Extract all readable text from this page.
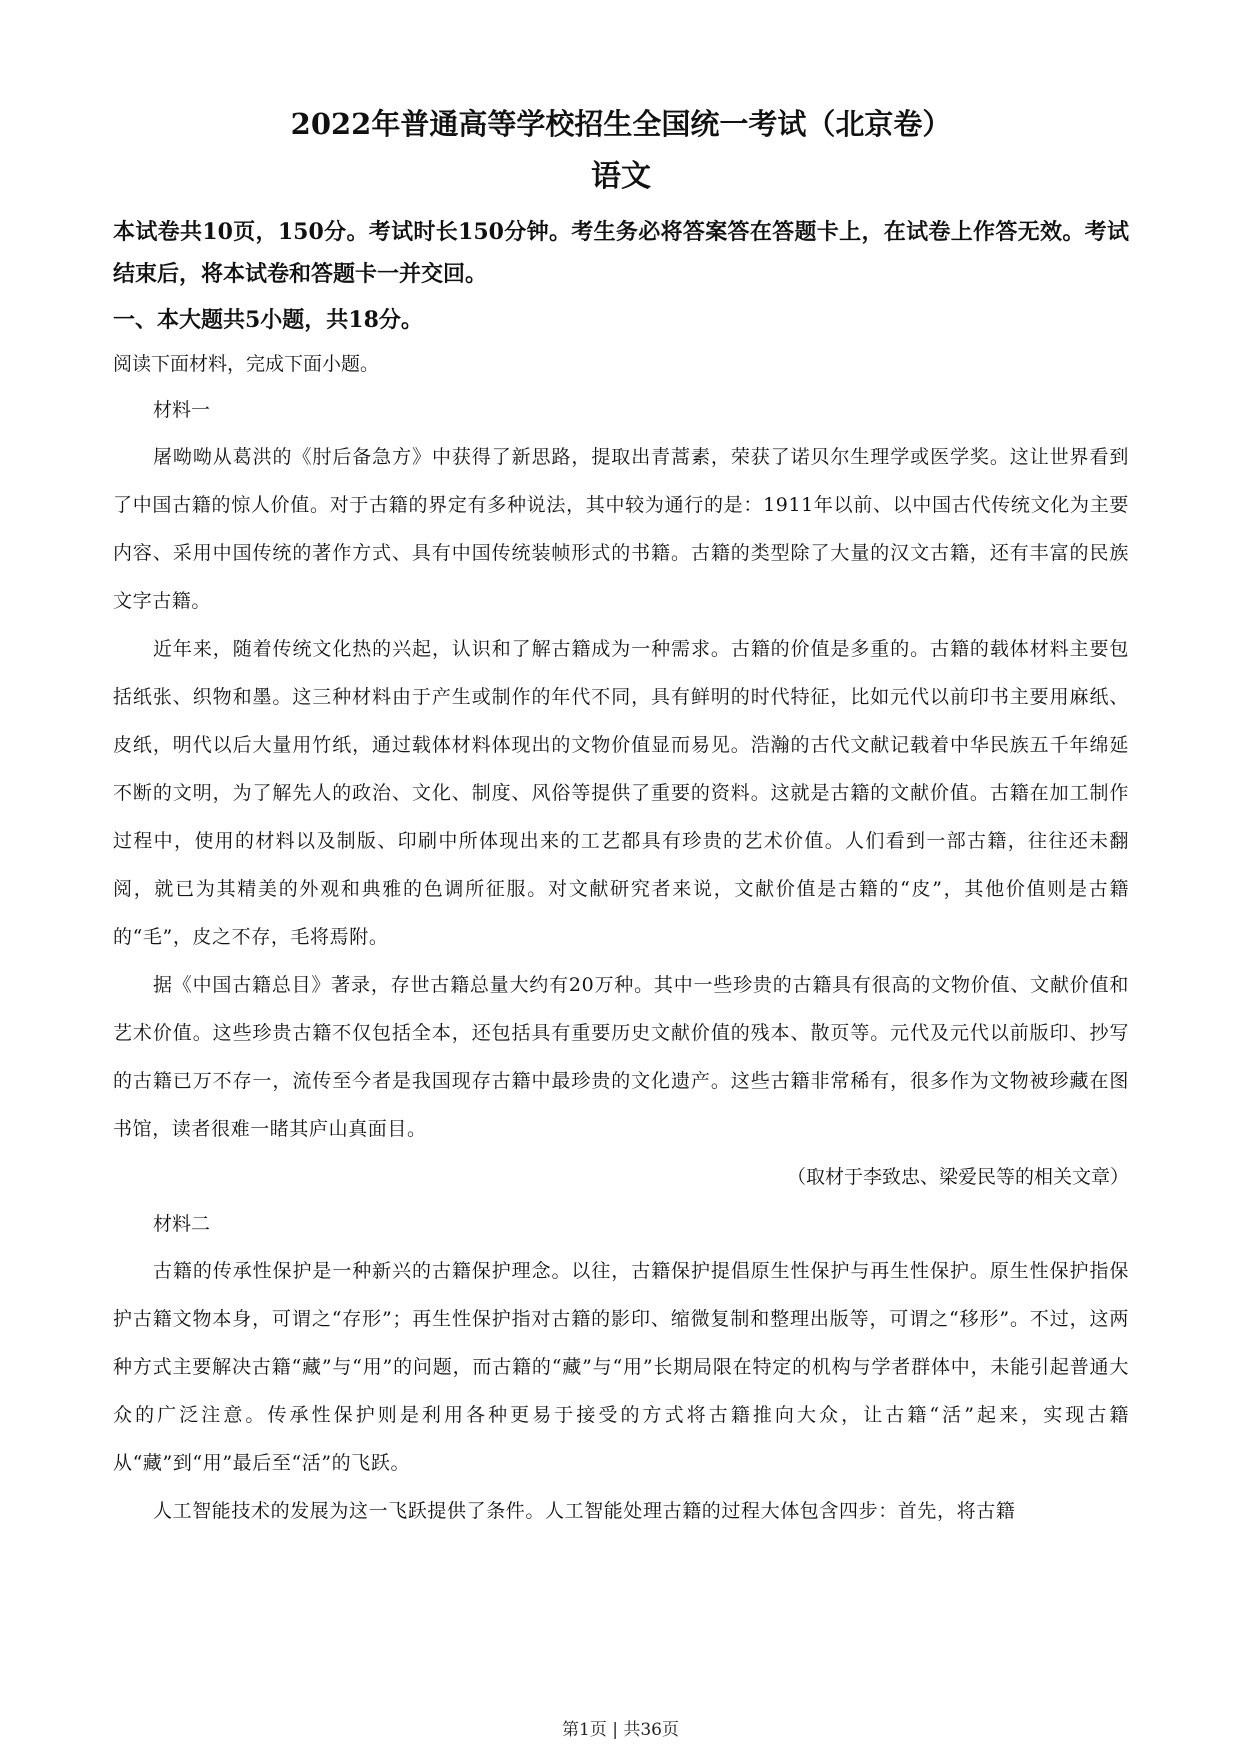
2022年普通高等学校招生全国统一考试（北京卷）
语文

本试卷共10页，150分。考试时长150分钟。考生务必将答案答在答题卡上，在试卷上作答无效。考试结束后，将本试卷和答题卡一并交回。

一、本大题共5小题，共18分。

阅读下面材料，完成下面小题。

材料一

屠呦呦从葛洪的《肘后备急方》中获得了新思路，提取出青蒿素，荣获了诺贝尔生理学或医学奖。这让世界看到了中国古籍的惊人价值。对于古籍的界定有多种说法，其中较为通行的是：1911年以前、以中国古代传统文化为主要内容、采用中国传统的著作方式、具有中国传统装帧形式的书籍。古籍的类型除了大量的汉文古籍，还有丰富的民族文字古籍。

近年来，随着传统文化热的兴起，认识和了解古籍成为一种需求。古籍的价值是多重的。古籍的载体材料主要包括纸张、织物和墨。这三种材料由于产生或制作的年代不同，具有鲜明的时代特征，比如元代以前印书主要用麻纸、皮纸，明代以后大量用竹纸，通过载体材料体现出的文物价值显而易见。浩瀚的古代文献记载着中华民族五千年绵延不断的文明，为了解先人的政治、文化、制度、风俗等提供了重要的资料。这就是古籍的文献价值。古籍在加工制作过程中，使用的材料以及制版、印刷中所体现出来的工艺都具有珍贵的艺术价值。人们看到一部古籍，往往还未翻阅，就已为其精美的外观和典雅的色调所征服。对文献研究者来说，文献价值是古籍的“皮”，其他价值则是古籍的“毛”，皮之不存，毛将焉附。

据《中国古籍总目》著录，存世古籍总量大约有20万种。其中一些珍贵的古籍具有很高的文物价值、文献价值和艺术价值。这些珍贵古籍不仅包括全本，还包括具有重要历史文献价值的残本、散页等。元代及元代以前版印、抄写的古籍已万不存一，流传至今者是我国现存古籍中最珍贵的文化遗产。这些古籍非常稀有，很多作为文物被珍藏在图书馆，读者很难一睹其庐山真面目。

（取材于李致忠、梁爱民等的相关文章）

材料二

古籍的传承性保护是一种新兴的古籍保护理念。以往，古籍保护提倡原生性保护与再生性保护。原生性保护指保护古籍文物本身，可谓之“存形”；再生性保护指对古籍的影印、缩微复制和整理出版等，可谓之“移形”。不过，这两种方式主要解决古籍“藏”与“用”的问题，而古籍的“藏”与“用”长期局限在特定的机构与学者群体中，未能引起普通大众的广泛注意。传承性保护则是利用各种更易于接受的方式将古籍推向大众，让古籍“活”起来，实现古籍从“藏”到“用”最后至“活”的飞跃。

人工智能技术的发展为这一飞跃提供了条件。人工智能处理古籍的过程大体包含四步：首先，将古籍

第1页 | 共36页
